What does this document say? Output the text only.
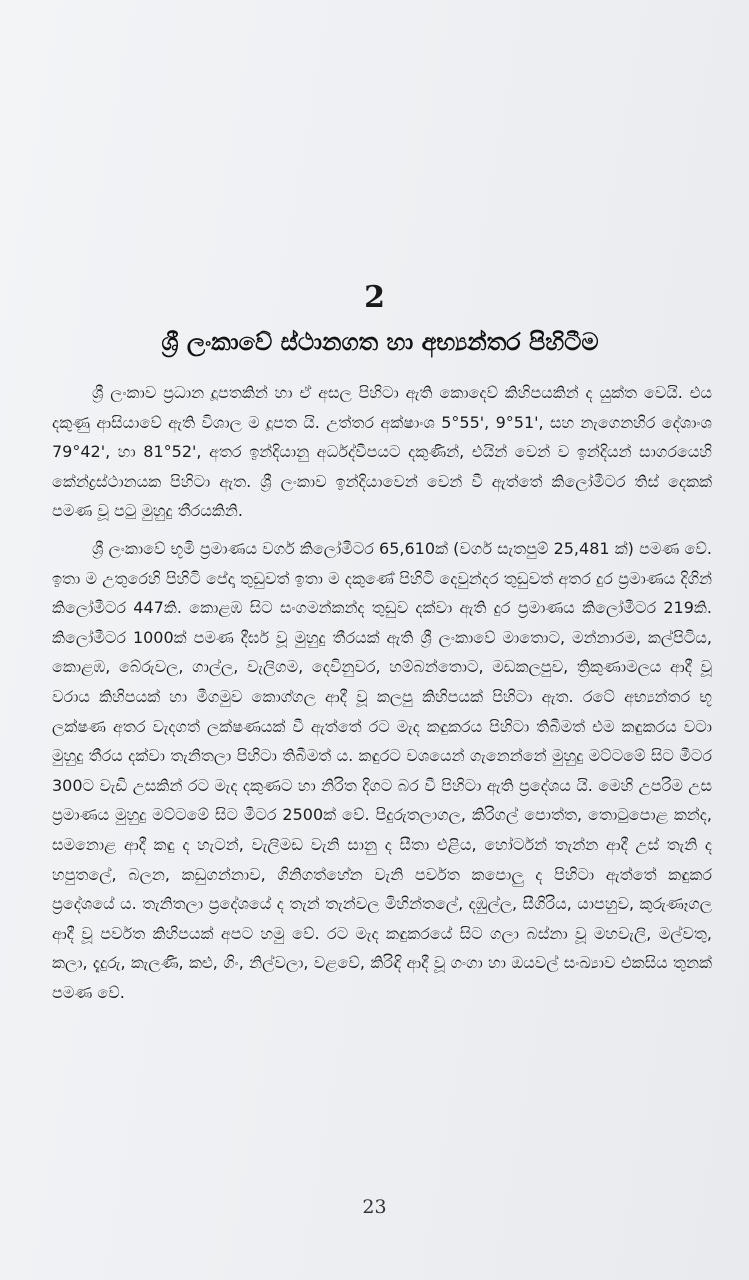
2
ශ්‍රී ලංකාවේ ස්ථානගත හා අභ්‍යන්තර පිහිටීම

ශ්‍රී ලංකාව ප්‍රධාන දූපතකින් හා ඒ අසල පිහිටා ඇති කොදෙව් කිහිපයකින් ද යුක්ත වෙයි. එය දකුණු ආසියාවේ ඇති විශාල ම දූපත යි. උත්තර අක්ෂාංශ 5°55', 9°51', සහ නැගෙනහිර දේශාංශ 79°42', හා 81°52', අතර ඉන්දියානු අර්ධද්වීපයට දකුණින්, එයින් වෙන් ව ඉන්දියන් සාගරයෙහි කේන්ද්‍රස්ථානයක පිහිටා ඇත. ශ්‍රී ලංකාව ඉන්දියාවෙන් වෙන් වී ඇත්තේ කිලෝමීටර තිස් දෙකක් පමණ වූ පටු මුහුදු තීරයකිනි.

ශ්‍රී ලංකාවේ භූමි ප්‍රමාණය වර්ග කිලෝමීටර 65,610ක් (වර්ග සැතපුම් 25,481 ක්) පමණ වේ. ඉතා ම උතුරෙහි පිහිටි පේද්‍රු තුඩුවත් ඉතා ම දකුණේ පිහිටි දෙවුන්දර තුඩුවත් අතර දුර ප්‍රමාණය දිගින් කිලෝමීටර 447කි. කොළඹ සිට සංගමන්කන්ද තුඩුව දක්වා ඇති දුර ප්‍රමාණය කිලෝමීටර 219කි. කිලෝමීටර 1000ක් පමණ දීර්ඝ වූ මුහුදු තීරයක් ඇති ශ්‍රී ලංකාවේ මාතොට, මන්නාරම, කල්පිටිය, කොළඹ, බේරුවල, ගාල්ල, වැලිගම, දෙවිනුවර, හම්බන්තොට, මඩකලපුව, ත්‍රිකුණාමලය ආදී වූ වරාය කිහිපයක් හා මීගමුව කොග්ගල ආදී වූ කලපු කිහිපයක් පිහිටා ඇත. රටේ අභ්‍යන්තර භූ ලක්ෂණ අතර වැදගත් ලක්ෂණයක් වී ඇත්තේ රට මැද කඳුකරය පිහිටා තිබීමත් එම කඳුකරය වටා මුහුදු තීරය දක්වා තැනිතලා පිහිටා තිබීමත් ය. කඳුරට වශයෙන් ගැනෙන්නේ මුහුදු මට්ටමේ සිට මීටර 300ට වැඩි උසකින් රට මැද දකුණට හා නිරිත දිගට බර වී පිහිටා ඇති ප්‍රදේශය යි. මෙහි උපරිම උස ප්‍රමාණය මුහුදු මට්ටමේ සිට මීටර 2500ක් වේ. පිදුරුතලාගල, කිරිගල් පොත්ත, තොටුපොළ කන්ද, සමනොළ ආදී කඳු ද හැටන්, වැලිමඩ වැනි සානු ද සීතා එළිය, හෝර්ටන් තැන්න ආදී උස් තැනි ද හපුතලේ, බලන, කඩුගන්නාව, ගිනිගත්හේන වැනි පර්වත කපොලු ද පිහිටා ඇත්තේ කඳුකර ප්‍රදේශයේ ය. තැනිතලා ප්‍රදේශයේ ද තැන් තැන්වල මිහින්තලේ, දඹුල්ල, සීගිරිය, යාපහුව, කුරුණෑගල ආදී වූ පර්වත කිහිපයක් අපට හමු වේ. රට මැද කඳුකරයේ සිට ගලා බස්නා වූ මහවැලි, මල්වතු, කලා, දැදුරු, කැලණි, කළු, ගිං, නිල්වලා, වළවේ, කිරිඳි ආදී වූ ගංගා හා ඔයවල් සංඛ්‍යාව එකසිය තුනක් පමණ වේ.

23
